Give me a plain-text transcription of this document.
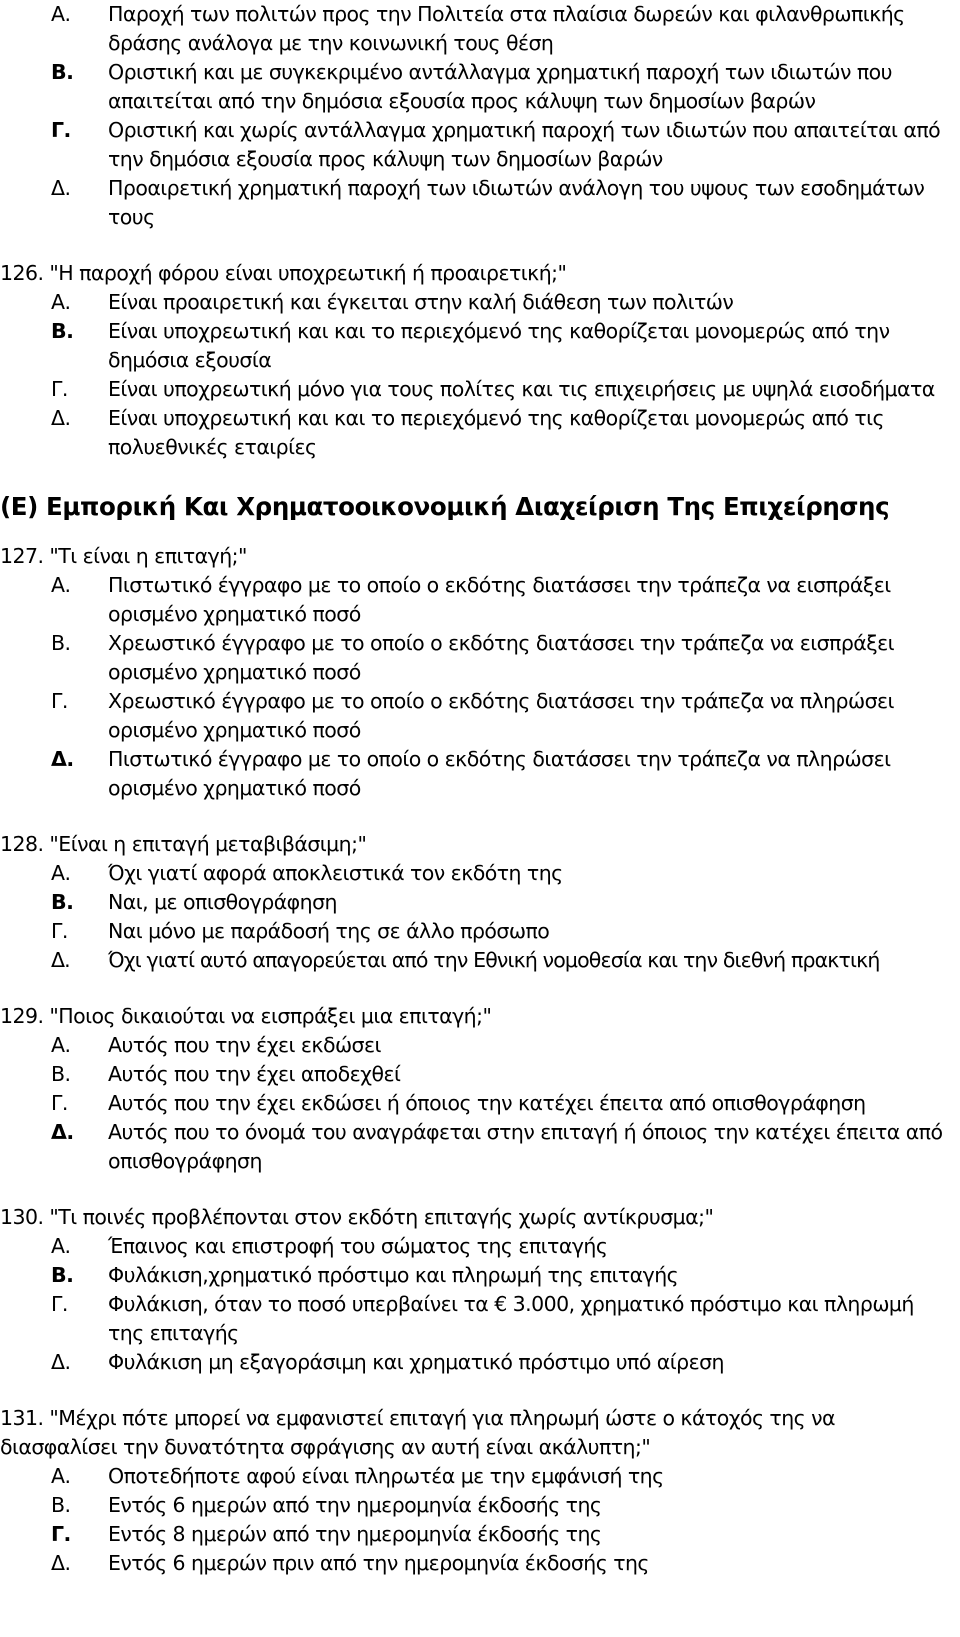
Α. Παροχή των πολιτών προς την Πολιτεία στα πλαίσια δωρεών και φιλανθρωπικής δράσης ανάλογα με την κοινωνική τους θέση

Β. Οριστική και με συγκεκριμένο αντάλλαγμα χρηματική παροχή των ιδιωτών που απαιτείται από την δημόσια εξουσία προς κάλυψη των δημοσίων βαρών

Γ. Οριστική και χωρίς αντάλλαγμα χρηματική παροχή των ιδιωτών που απαιτείται από την δημόσια εξουσία προς κάλυψη των δημοσίων βαρών

Δ. Προαιρετική χρηματική παροχή των ιδιωτών ανάλογη του υψους των εσοδημάτων τους

126. "Η παροχή φόρου είναι υποχρεωτική ή προαιρετική;"

Α. Είναι προαιρετική και έγκειται στην καλή διάθεση των πολιτών

Β. Είναι υποχρεωτική και και το περιεχόμενό της καθορίζεται μονομερώς από την δημόσια εξουσία

Γ. Είναι υποχρεωτική μόνο για τους πολίτες και τις επιχειρήσεις με υψηλά εισοδήματα

Δ. Είναι υποχρεωτική και και το περιεχόμενό της καθορίζεται μονομερώς από τις πολυεθνικές εταιρίες

(Ε) Εμπορική Και Χρηματοοικονομική Διαχείριση Της Επιχείρησης

127. "Τι είναι η επιταγή;"

Α. Πιστωτικό έγγραφο με το οποίο ο εκδότης διατάσσει την τράπεζα να εισπράξει ορισμένο χρηματικό ποσό

Β. Χρεωστικό έγγραφο με το οποίο ο εκδότης διατάσσει την τράπεζα να εισπράξει ορισμένο χρηματικό ποσό

Γ. Χρεωστικό έγγραφο με το οποίο ο εκδότης διατάσσει την τράπεζα να πληρώσει ορισμένο χρηματικό ποσό

Δ. Πιστωτικό έγγραφο με το οποίο ο εκδότης διατάσσει την τράπεζα να πληρώσει ορισμένο χρηματικό ποσό

128. "Είναι η επιταγή μεταβιβάσιμη;"

Α. Όχι γιατί αφορά αποκλειστικά τον εκδότη της

Β. Ναι, με οπισθογράφηση

Γ. Ναι μόνο με παράδοσή της σε άλλο πρόσωπο

Δ. Όχι γιατί αυτό απαγορεύεται από την Εθνική νομοθεσία και την διεθνή πρακτική

129. "Ποιος δικαιούται να εισπράξει μια επιταγή;"

Α. Αυτός που την έχει εκδώσει

Β. Αυτός που την έχει αποδεχθεί

Γ. Αυτός που την έχει εκδώσει ή όποιος την κατέχει έπειτα από οπισθογράφηση

Δ. Αυτός που το όνομά του αναγράφεται στην επιταγή ή όποιος την κατέχει έπειτα από οπισθογράφηση

130. "Τι ποινές προβλέπονται στον εκδότη επιταγής χωρίς αντίκρυσμα;"

Α. Έπαινος και επιστροφή του σώματος της επιταγής

Β. Φυλάκιση,χρηματικό πρόστιμο και πληρωμή της επιταγής

Γ. Φυλάκιση, όταν το ποσό υπερβαίνει τα € 3.000, χρηματικό πρόστιμο και πληρωμή της επιταγής

Δ. Φυλάκιση μη εξαγοράσιμη και χρηματικό πρόστιμο υπό αίρεση

131. "Μέχρι πότε μπορεί να εμφανιστεί επιταγή για πληρωμή ώστε ο κάτοχός της να διασφαλίσει την δυνατότητα σφράγισης αν αυτή είναι ακάλυπτη;"

Α. Οποτεδήποτε αφού είναι πληρωτέα με την εμφάνισή της

Β. Εντός 6 ημερών από την ημερομηνία έκδοσής της

Γ. Εντός 8 ημερών από την ημερομηνία έκδοσής της

Δ. Εντός 6 ημερών πριν από την ημερομηνία έκδοσής της
